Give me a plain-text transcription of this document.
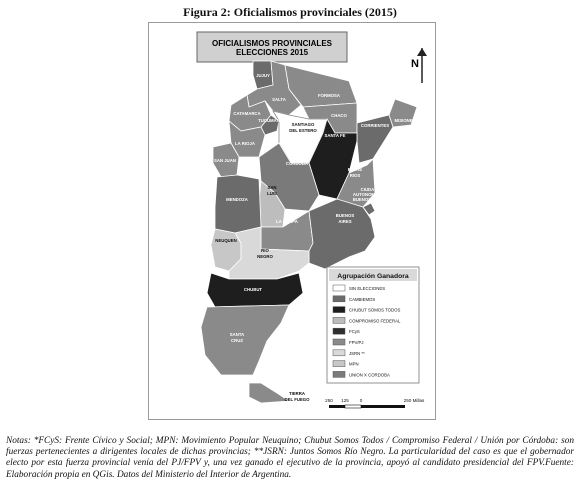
Figura 2: Oficialismos provinciales (2015)
OFICIALISMOS PROVINCIALES
ELECCIONES 2015
N
JUJUY
FORMOSA
SALTA
CHACO
CATAMARCA
TUCUMAN
SANTIAGO
DEL ESTERO
MISIONES
CORRIENTES
SANTA FE
LA RIOJA
SAN JUAN
CORDOBA
ENTRE
RIOS
SAN
LUIS
CIUDAD
AUTONOMA DE
BUENOS AIRES
MENDOZA
BUENOS
AIRES
LA PAMPA
NEUQUEN
RIO
NEGRO
CHUBUT
SANTA
CRUZ
TIERRA
DEL FUEGO
Agrupación Ganadora
SIN ELECCIONES
CAMBIEMOS
CHUBUT SOMOS TODOS
COMPROMISO FEDERAL
FCyS
FPV/PJ
JSRN **
MPN
UNION X CORDOBA
250 125 0	250 Millas
Notas: *FCyS: Frente Cívico y Social; MPN: Movimiento Popular Neuquino; Chubut Somos Todos / Compromiso Federal / Unión por Córdoba: son fuerzas pertenecientes a dirigentes locales de dichas provincias; **JSRN: Juntos Somos Río Negro. La particularidad del caso es que el gobernador electo por esta fuerza provincial venía del PJ/FPV y, una vez ganado el ejecutivo de la provincia, apoyó al candidato presidencial del FPV.Fuente: Elaboración propia en QGis. Datos del Ministerio del Interior de Argentina.
